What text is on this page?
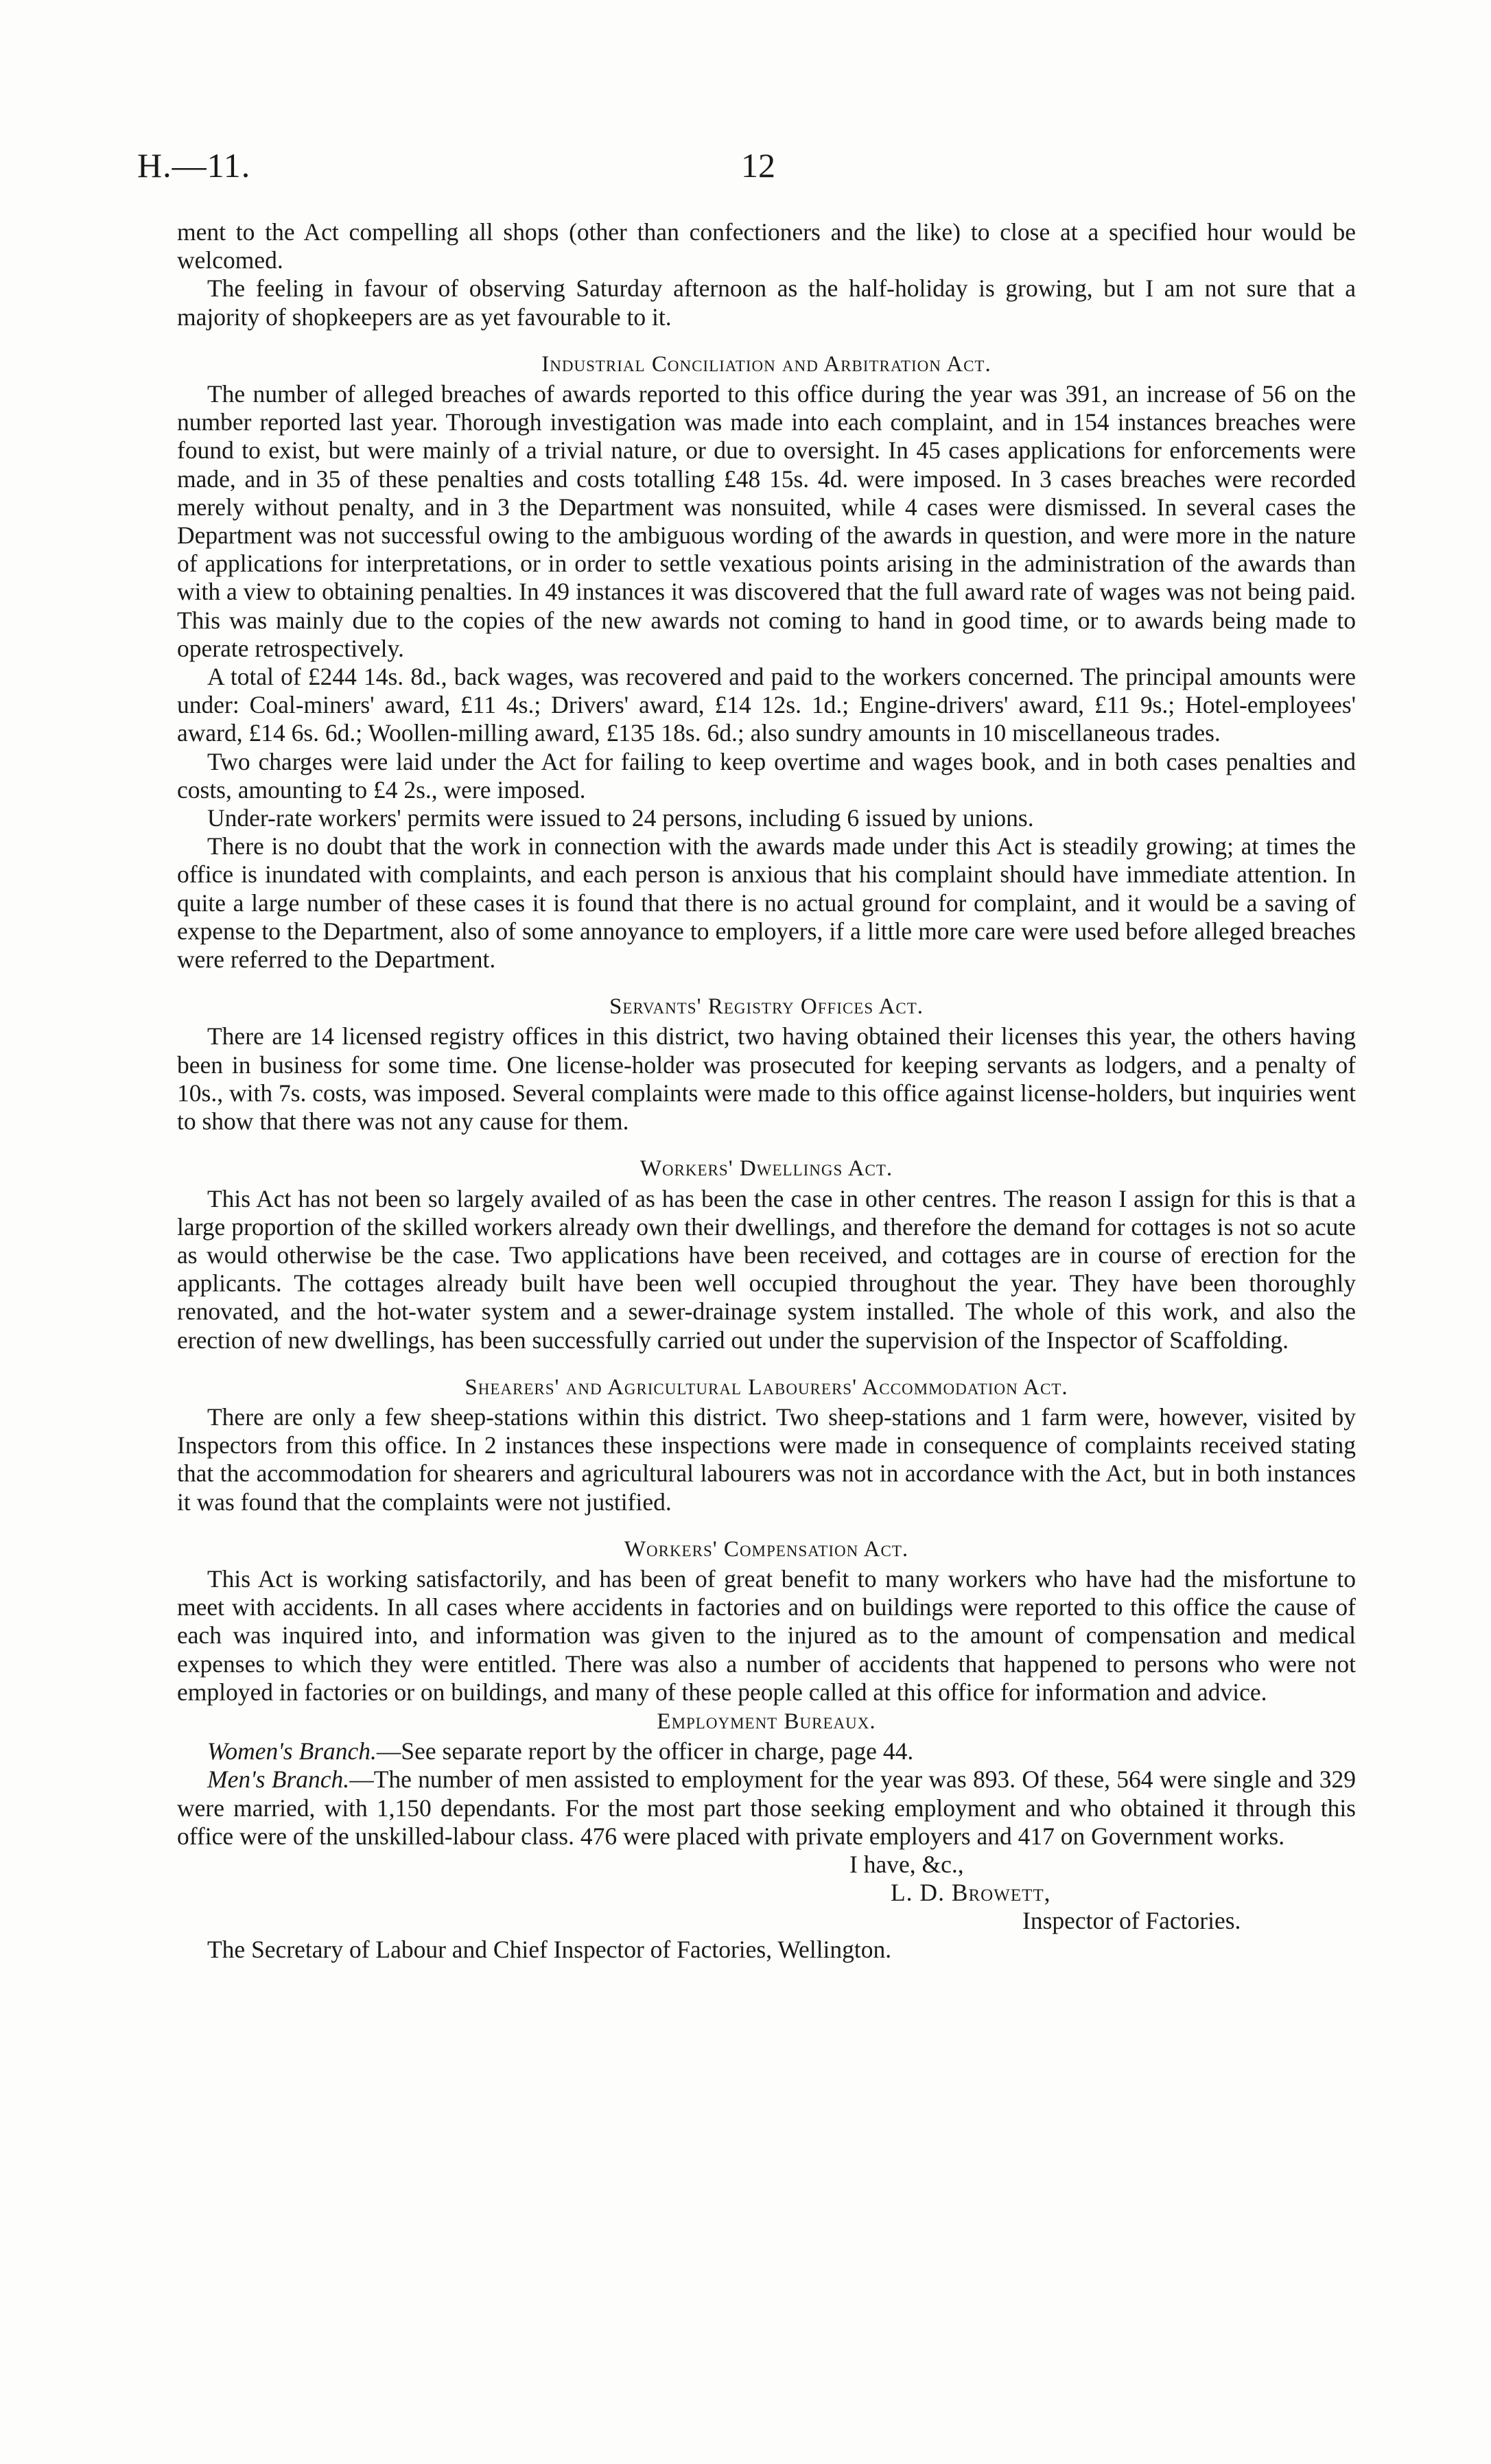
H.—11.	12

ment to the Act compelling all shops (other than confectioners and the like) to close at a specified hour would be welcomed.

The feeling in favour of observing Saturday afternoon as the half-holiday is growing, but I am not sure that a majority of shopkeepers are as yet favourable to it.

Industrial Conciliation and Arbitration Act.

The number of alleged breaches of awards reported to this office during the year was 391, an increase of 56 on the number reported last year. Thorough investigation was made into each complaint, and in 154 instances breaches were found to exist, but were mainly of a trivial nature, or due to oversight. In 45 cases applications for enforcements were made, and in 35 of these penalties and costs totalling £48 15s. 4d. were imposed. In 3 cases breaches were recorded merely without penalty, and in 3 the Department was nonsuited, while 4 cases were dismissed. In several cases the Department was not successful owing to the ambiguous wording of the awards in question, and were more in the nature of applications for interpretations, or in order to settle vexatious points arising in the administration of the awards than with a view to obtaining penalties. In 49 instances it was discovered that the full award rate of wages was not being paid. This was mainly due to the copies of the new awards not coming to hand in good time, or to awards being made to operate retrospectively.

A total of £244 14s. 8d., back wages, was recovered and paid to the workers concerned. The principal amounts were under: Coal-miners' award, £11 4s.; Drivers' award, £14 12s. 1d.; Engine-drivers' award, £11 9s.; Hotel-employees' award, £14 6s. 6d.; Woollen-milling award, £135 18s. 6d.; also sundry amounts in 10 miscellaneous trades.

Two charges were laid under the Act for failing to keep overtime and wages book, and in both cases penalties and costs, amounting to £4 2s., were imposed.

Under-rate workers' permits were issued to 24 persons, including 6 issued by unions.

There is no doubt that the work in connection with the awards made under this Act is steadily growing; at times the office is inundated with complaints, and each person is anxious that his complaint should have immediate attention. In quite a large number of these cases it is found that there is no actual ground for complaint, and it would be a saving of expense to the Department, also of some annoyance to employers, if a little more care were used before alleged breaches were referred to the Department.

Servants' Registry Offices Act.

There are 14 licensed registry offices in this district, two having obtained their licenses this year, the others having been in business for some time. One license-holder was prosecuted for keeping servants as lodgers, and a penalty of 10s., with 7s. costs, was imposed. Several complaints were made to this office against license-holders, but inquiries went to show that there was not any cause for them.

Workers' Dwellings Act.

This Act has not been so largely availed of as has been the case in other centres. The reason I assign for this is that a large proportion of the skilled workers already own their dwellings, and therefore the demand for cottages is not so acute as would otherwise be the case. Two applications have been received, and cottages are in course of erection for the applicants. The cottages already built have been well occupied throughout the year. They have been thoroughly renovated, and the hot-water system and a sewer-drainage system installed. The whole of this work, and also the erection of new dwellings, has been successfully carried out under the supervision of the Inspector of Scaffolding.

Shearers' and Agricultural Labourers' Accommodation Act.

There are only a few sheep-stations within this district. Two sheep-stations and 1 farm were, however, visited by Inspectors from this office. In 2 instances these inspections were made in consequence of complaints received stating that the accommodation for shearers and agricultural labourers was not in accordance with the Act, but in both instances it was found that the complaints were not justified.

Workers' Compensation Act.

This Act is working satisfactorily, and has been of great benefit to many workers who have had the misfortune to meet with accidents. In all cases where accidents in factories and on buildings were reported to this office the cause of each was inquired into, and information was given to the injured as to the amount of compensation and medical expenses to which they were entitled. There was also a number of accidents that happened to persons who were not employed in factories or on buildings, and many of these people called at this office for information and advice.

Employment Bureaux.

Women's Branch.—See separate report by the officer in charge, page 44.

Men's Branch.—The number of men assisted to employment for the year was 893. Of these, 564 were single and 329 were married, with 1,150 dependants. For the most part those seeking employment and who obtained it through this office were of the unskilled-labour class. 476 were placed with private employers and 417 on Government works.

I have, &c.,
L. D. Browett,
Inspector of Factories.
The Secretary of Labour and Chief Inspector of Factories, Wellington.
